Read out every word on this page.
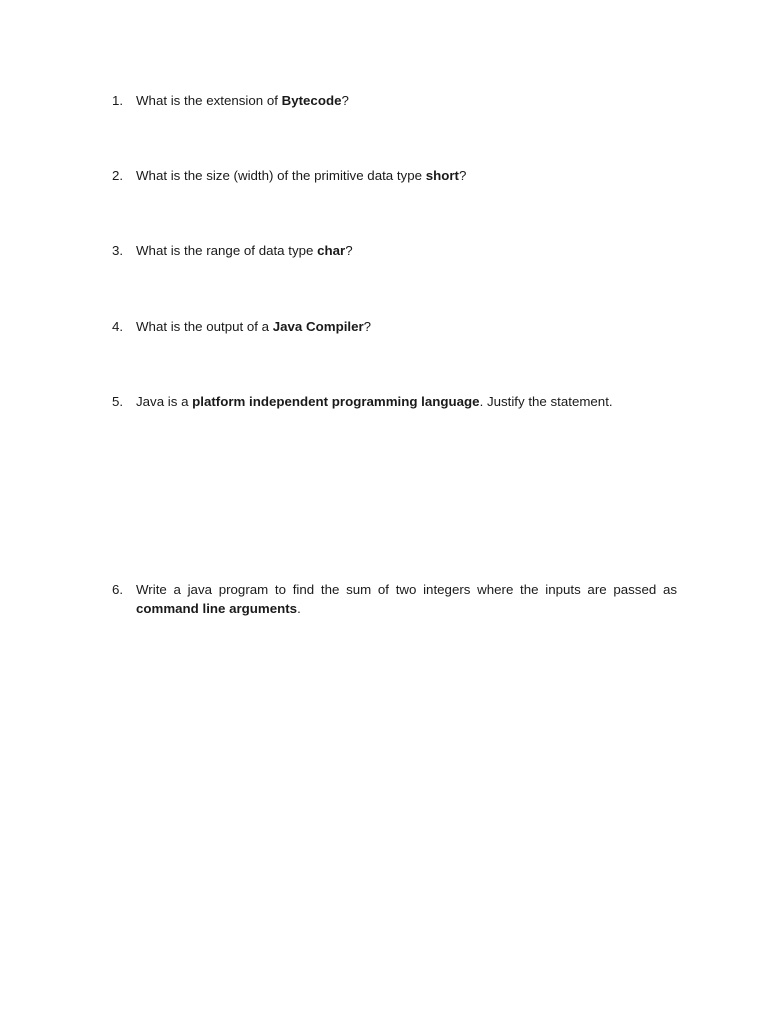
1. What is the extension of Bytecode?
2. What is the size (width) of the primitive data type short?
3. What is the range of data type char?
4. What is the output of a Java Compiler?
5. Java is a platform independent programming language. Justify the statement.
6. Write a java program to find the sum of two integers where the inputs are passed as command line arguments.
